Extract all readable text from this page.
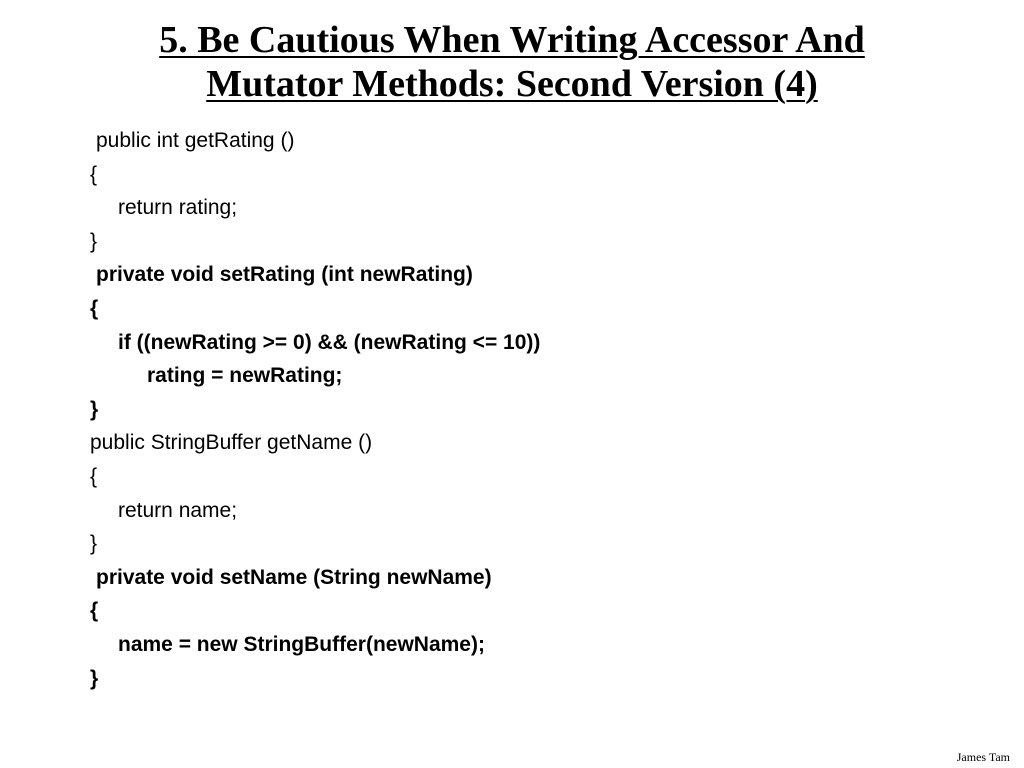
5. Be Cautious When Writing Accessor And
Mutator Methods: Second Version (4)
public int getRating ()
{
return rating;
}
private void setRating (int newRating)
{
if ((newRating >= 0) && (newRating <= 10))
rating = newRating;
}
public StringBuffer getName ()
{
return name;
}
private void setName (String newName)
{
name = new StringBuffer(newName);
}
James Tam
